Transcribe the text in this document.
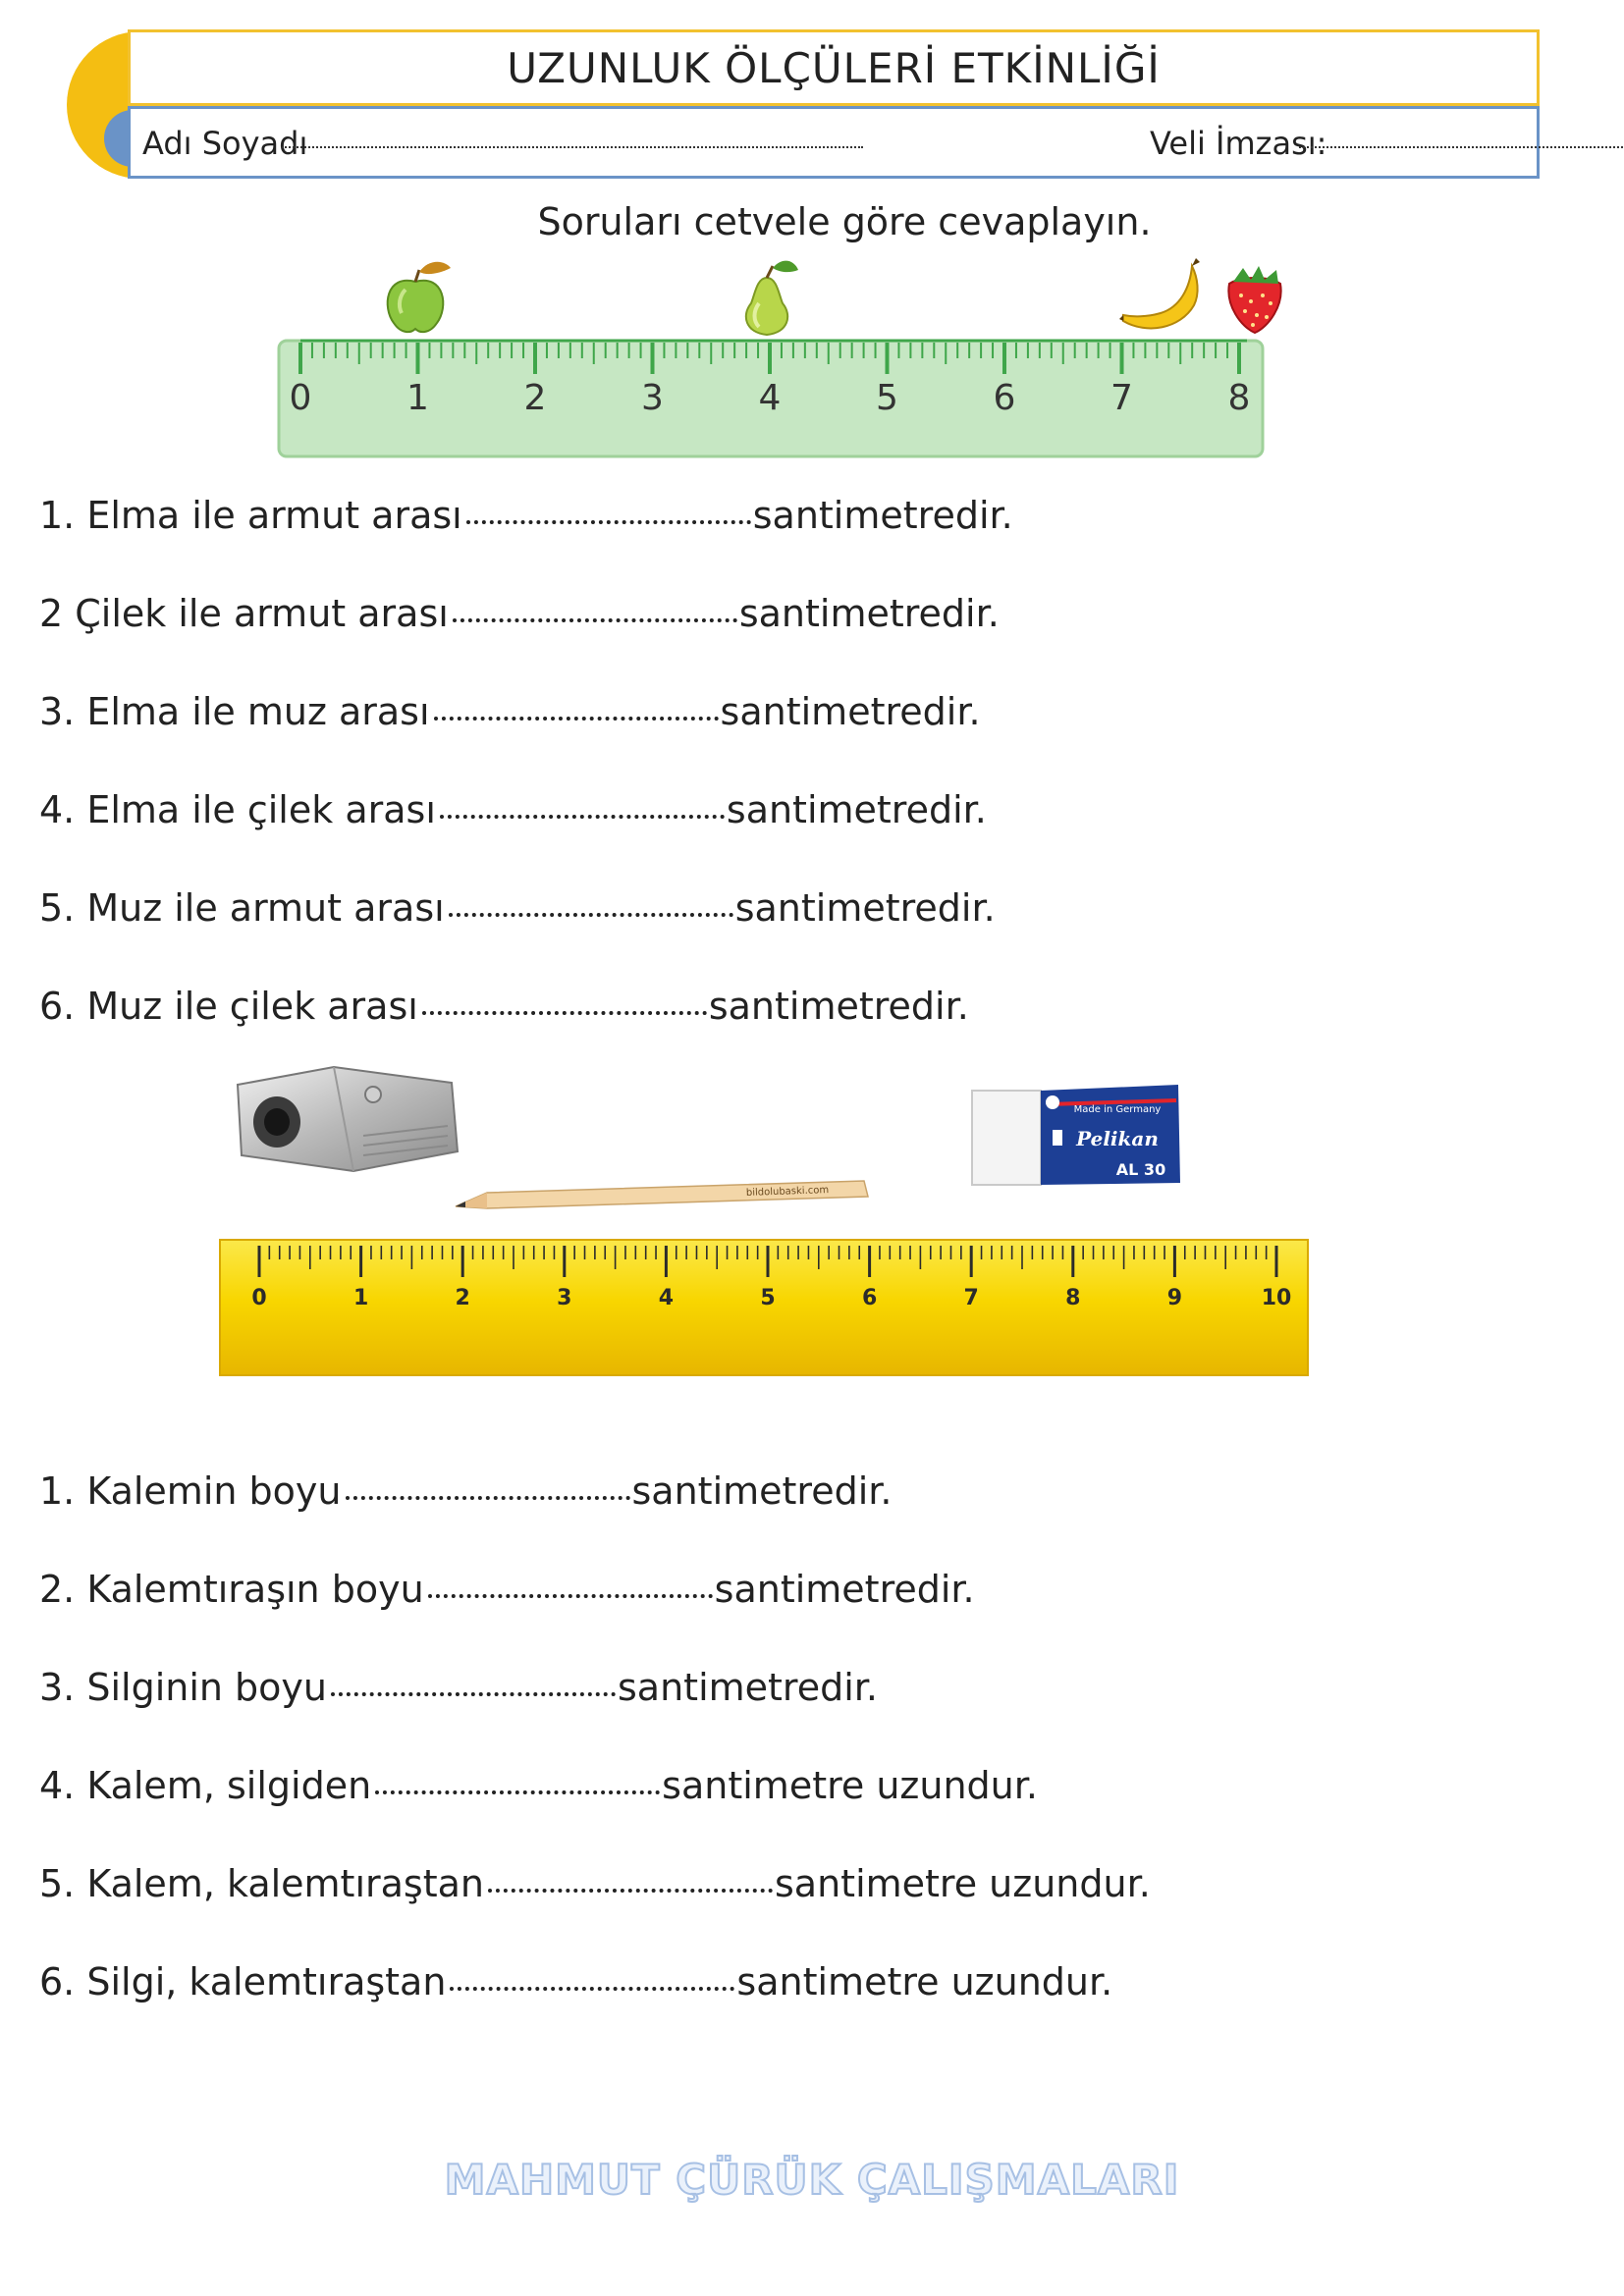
UZUNLUK ÖLÇÜLERİ ETKİNLİĞİ
Adı Soyadı	Veli İmzası:
Soruları cetvele göre cevaplayın.
0	1	2	3	4	5	6	7	8
1. Elma ile armut arası	santimetredir.
2 Çilek ile armut arası	santimetredir.
3. Elma ile muz arası	santimetredir.
4. Elma ile çilek arası	santimetredir.
5. Muz ile armut arası	santimetredir.
6. Muz ile çilek arası	santimetredir.
bildolubaski.com
Made in Germany
Pelikan
AL 30
0	1	2	3	4	5	6	7	8	9	10
1. Kalemin boyu	santimetredir.
2. Kalemtıraşın boyu	santimetredir.
3. Silginin boyu	santimetredir.
4. Kalem, silgiden	santimetre uzundur.
5. Kalem, kalemtıraştan	santimetre uzundur.
6. Silgi, kalemtıraştan	santimetre uzundur.
MAHMUT ÇÜRÜK ÇALIŞMALARI
